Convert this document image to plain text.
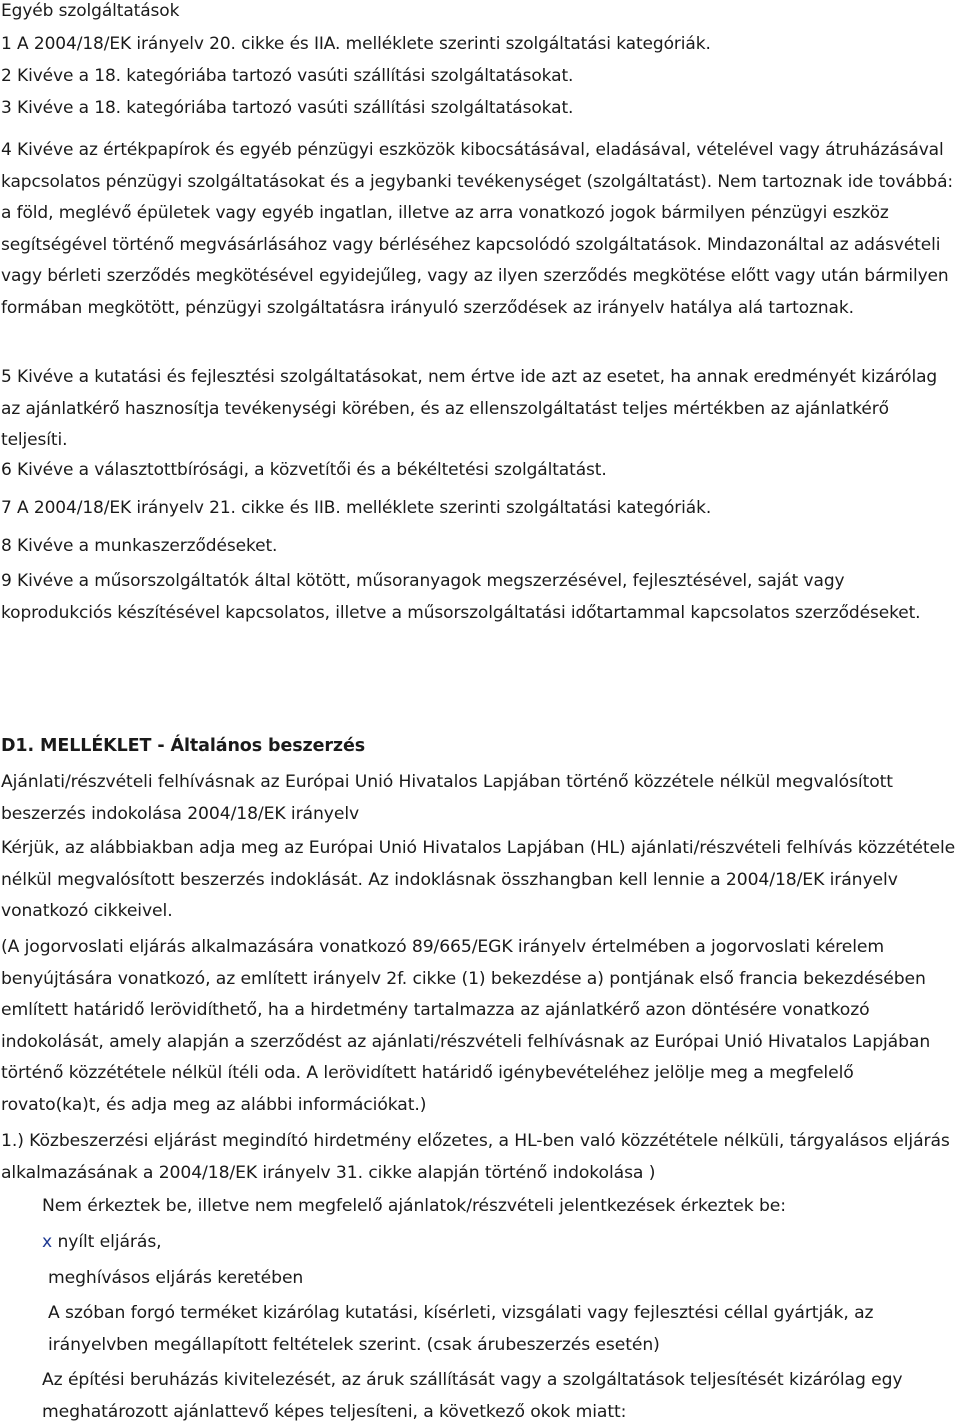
Egyéb szolgáltatások
1 A 2004/18/EK irányelv 20. cikke és IIA. melléklete szerinti szolgáltatási kategóriák.
2 Kivéve a 18. kategóriába tartozó vasúti szállítási szolgáltatásokat.
3 Kivéve a 18. kategóriába tartozó vasúti szállítási szolgáltatásokat.
4 Kivéve az értékpapírok és egyéb pénzügyi eszközök kibocsátásával, eladásával, vételével vagy átruházásával kapcsolatos pénzügyi szolgáltatásokat és a jegybanki tevékenységet (szolgáltatást). Nem tartoznak ide továbbá: a föld, meglévő épületek vagy egyéb ingatlan, illetve az arra vonatkozó jogok bármilyen pénzügyi eszköz segítségével történő megvásárlásához vagy bérléséhez kapcsolódó szolgáltatások. Mindazonáltal az adásvételi vagy bérleti szerződés megkötésével egyidejűleg, vagy az ilyen szerződés megkötése előtt vagy után bármilyen formában megkötött, pénzügyi szolgáltatásra irányuló szerződések az irányelv hatálya alá tartoznak.
5 Kivéve a kutatási és fejlesztési szolgáltatásokat, nem értve ide azt az esetet, ha annak eredményét kizárólag az ajánlatkérő hasznosítja tevékenységi körében, és az ellenszolgáltatást teljes mértékben az ajánlatkérő teljesíti.
6 Kivéve a választottbírósági, a közvetítői és a békéltetési szolgáltatást.
7 A 2004/18/EK irányelv 21. cikke és IIB. melléklete szerinti szolgáltatási kategóriák.
8 Kivéve a munkaszerződéseket.
9 Kivéve a műsorszolgáltatók által kötött, műsoranyagok megszerzésével, fejlesztésével, saját vagy koprodukciós készítésével kapcsolatos, illetve a műsorszolgáltatási időtartammal kapcsolatos szerződéseket.
D1. MELLÉKLET - Általános beszerzés
Ajánlati/részvételi felhívásnak az Európai Unió Hivatalos Lapjában történő közzétele nélkül megvalósított beszerzés indokolása 2004/18/EK irányelv
Kérjük, az alábbiakban adja meg az Európai Unió Hivatalos Lapjában (HL) ajánlati/részvételi felhívás közzététele nélkül megvalósított beszerzés indoklását. Az indoklásnak összhangban kell lennie a 2004/18/EK irányelv vonatkozó cikkeivel.
(A jogorvoslati eljárás alkalmazására vonatkozó 89/665/EGK irányelv értelmében a jogorvoslati kérelem benyújtására vonatkozó, az említett irányelv 2f. cikke (1) bekezdése a) pontjának első francia bekezdésében említett határidő lerövidíthető, ha a hirdetmény tartalmazza az ajánlatkérő azon döntésére vonatkozó indokolását, amely alapján a szerződést az ajánlati/részvételi felhívásnak az Európai Unió Hivatalos Lapjában történő közzététele nélkül ítéli oda. A lerövidített határidő igénybevételéhez jelölje meg a megfelelő rovato(ka)t, és adja meg az alábbi információkat.)
1.) Közbeszerzési eljárást megindító hirdetmény előzetes, a HL-ben való közzététele nélküli, tárgyalásos eljárás alkalmazásának a 2004/18/EK irányelv 31. cikke alapján történő indokolása )
Nem érkeztek be, illetve nem megfelelő ajánlatok/részvételi jelentkezések érkeztek be:
x nyílt eljárás,
meghívásos eljárás keretében
A szóban forgó terméket kizárólag kutatási, kísérleti, vizsgálati vagy fejlesztési céllal gyártják, az irányelvben megállapított feltételek szerint. (csak árubeszerzés esetén)
Az építési beruházás kivitelezését, az áruk szállítását vagy a szolgáltatások teljesítését kizárólag egy meghatározott ajánlattevő képes teljesíteni, a következő okok miatt:
